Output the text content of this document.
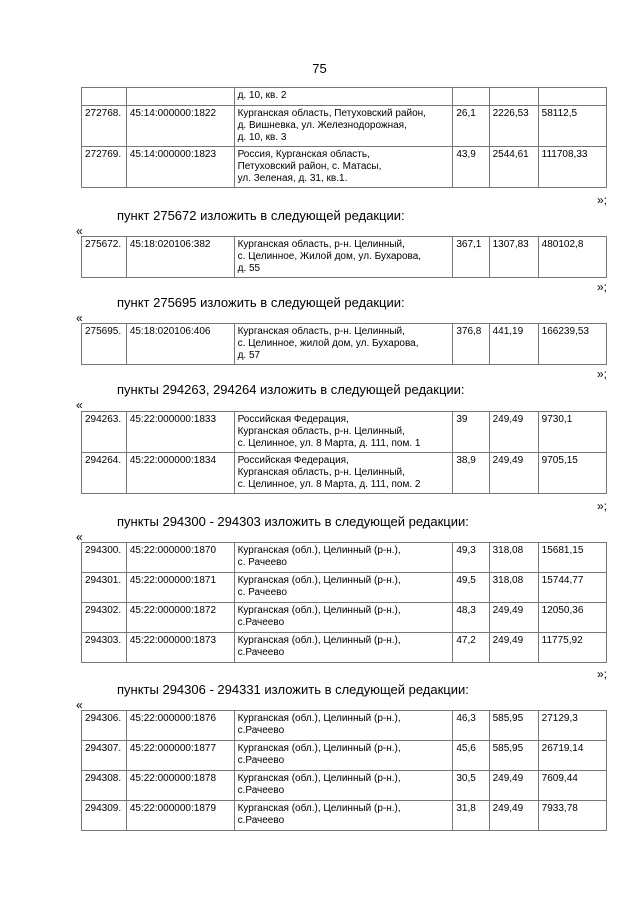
75
		д. 10, кв. 2			
272768.	45:14:000000:1822	Курганская область, Петуховский район,
д. Вишневка, ул. Железнодорожная,
д. 10, кв. 3	26,1	2226,53	58112,5
272769.	45:14:000000:1823	Россия, Курганская область,
Петуховский район, с. Матасы,
ул. Зеленая, д. 31, кв.1.	43,9	2544,61	111708,33
»;
пункт 275672 изложить в следующей редакции:
«
275672.	45:18:020106:382	Курганская область, р-н. Целинный,
с. Целинное, Жилой дом, ул. Бухарова,
д. 55	367,1	1307,83	480102,8
»;
пункт 275695 изложить в следующей редакции:
«
275695.	45:18:020106:406	Курганская область, р-н. Целинный,
с. Целинное, жилой дом, ул. Бухарова,
д. 57	376,8	441,19	166239,53
»;
пункты 294263, 294264 изложить в следующей редакции:
«
294263.	45:22:000000:1833	Российская Федерация,
Курганская область, р-н. Целинный,
с. Целинное, ул. 8 Марта, д. 111, пом. 1	39	249,49	9730,1
294264.	45:22:000000:1834	Российская Федерация,
Курганская область, р-н. Целинный,
с. Целинное, ул. 8 Марта, д. 111, пом. 2	38,9	249,49	9705,15
»;
пункты 294300 - 294303 изложить в следующей редакции:
«
294300.	45:22:000000:1870	Курганская (обл.), Целинный (р-н.),
с. Рачеево	49,3	318,08	15681,15
294301.	45:22:000000:1871	Курганская (обл.), Целинный (р-н.),
с. Рачеево	49,5	318,08	15744,77
294302.	45:22:000000:1872	Курганская (обл.), Целинный (р-н.),
с.Рачеево	48,3	249,49	12050,36
294303.	45:22:000000:1873	Курганская (обл.), Целинный (р-н.),
с.Рачеево	47,2	249,49	11775,92
»;
пункты 294306 - 294331 изложить в следующей редакции:
«
294306.	45:22:000000:1876	Курганская (обл.), Целинный (р-н.),
с.Рачеево	46,3	585,95	27129,3
294307.	45:22:000000:1877	Курганская (обл.), Целинный (р-н.),
с.Рачеево	45,6	585,95	26719,14
294308.	45:22:000000:1878	Курганская (обл.), Целинный (р-н.),
с.Рачеево	30,5	249,49	7609,44
294309.	45:22:000000:1879	Курганская (обл.), Целинный (р-н.),
с.Рачеево	31,8	249,49	7933,78
